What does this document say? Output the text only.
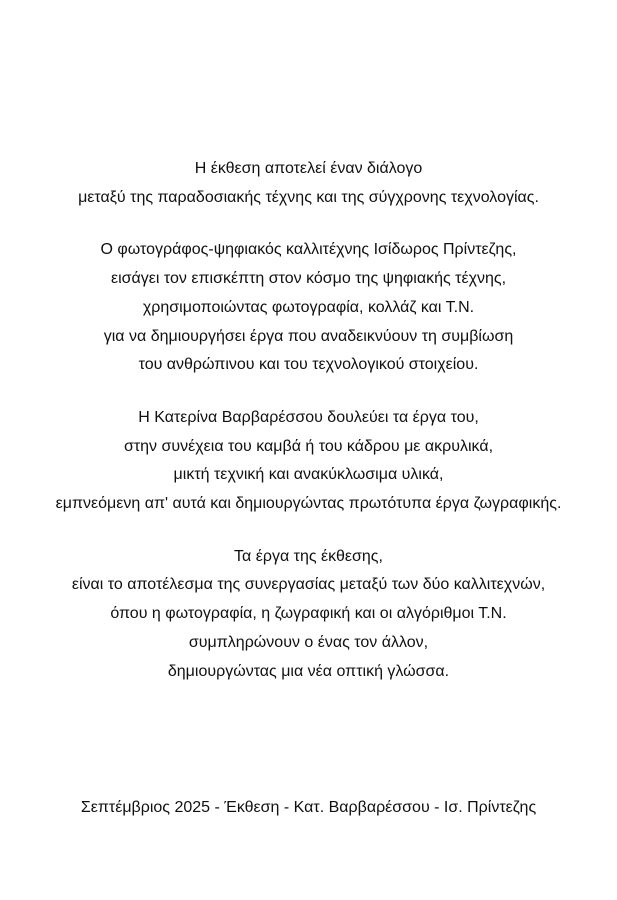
Η έκθεση αποτελεί έναν διάλογο
μεταξύ της παραδοσιακής τέχνης και της σύγχρονης τεχνολογίας.
Ο φωτογράφος-ψηφιακός καλλιτέχνης Ισίδωρος Πρίντεζης,
εισάγει τον επισκέπτη στον κόσμο της ψηφιακής τέχνης,
χρησιμοποιώντας φωτογραφία, κολλάζ και Τ.Ν.
για να δημιουργήσει έργα που αναδεικνύουν τη συμβίωση
του ανθρώπινου και του τεχνολογικού στοιχείου.
Η Κατερίνα Βαρβαρέσσου δουλεύει τα έργα του,
στην συνέχεια του καμβά ή του κάδρου με ακρυλικά,
μικτή τεχνική και ανακύκλωσιμα υλικά,
εμπνεόμενη απ' αυτά και δημιουργώντας πρωτότυπα έργα ζωγραφικής.
Τα έργα της έκθεσης,
είναι το αποτέλεσμα της συνεργασίας μεταξύ των δύο καλλιτεχνών,
όπου η φωτογραφία, η ζωγραφική και οι αλγόριθμοι Τ.Ν.
συμπληρώνουν ο ένας τον άλλον,
δημιουργώντας μια νέα οπτική γλώσσα.
Σεπτέμβριος 2025 - Έκθεση - Κατ. Βαρβαρέσσου - Ισ. Πρίντεζης
